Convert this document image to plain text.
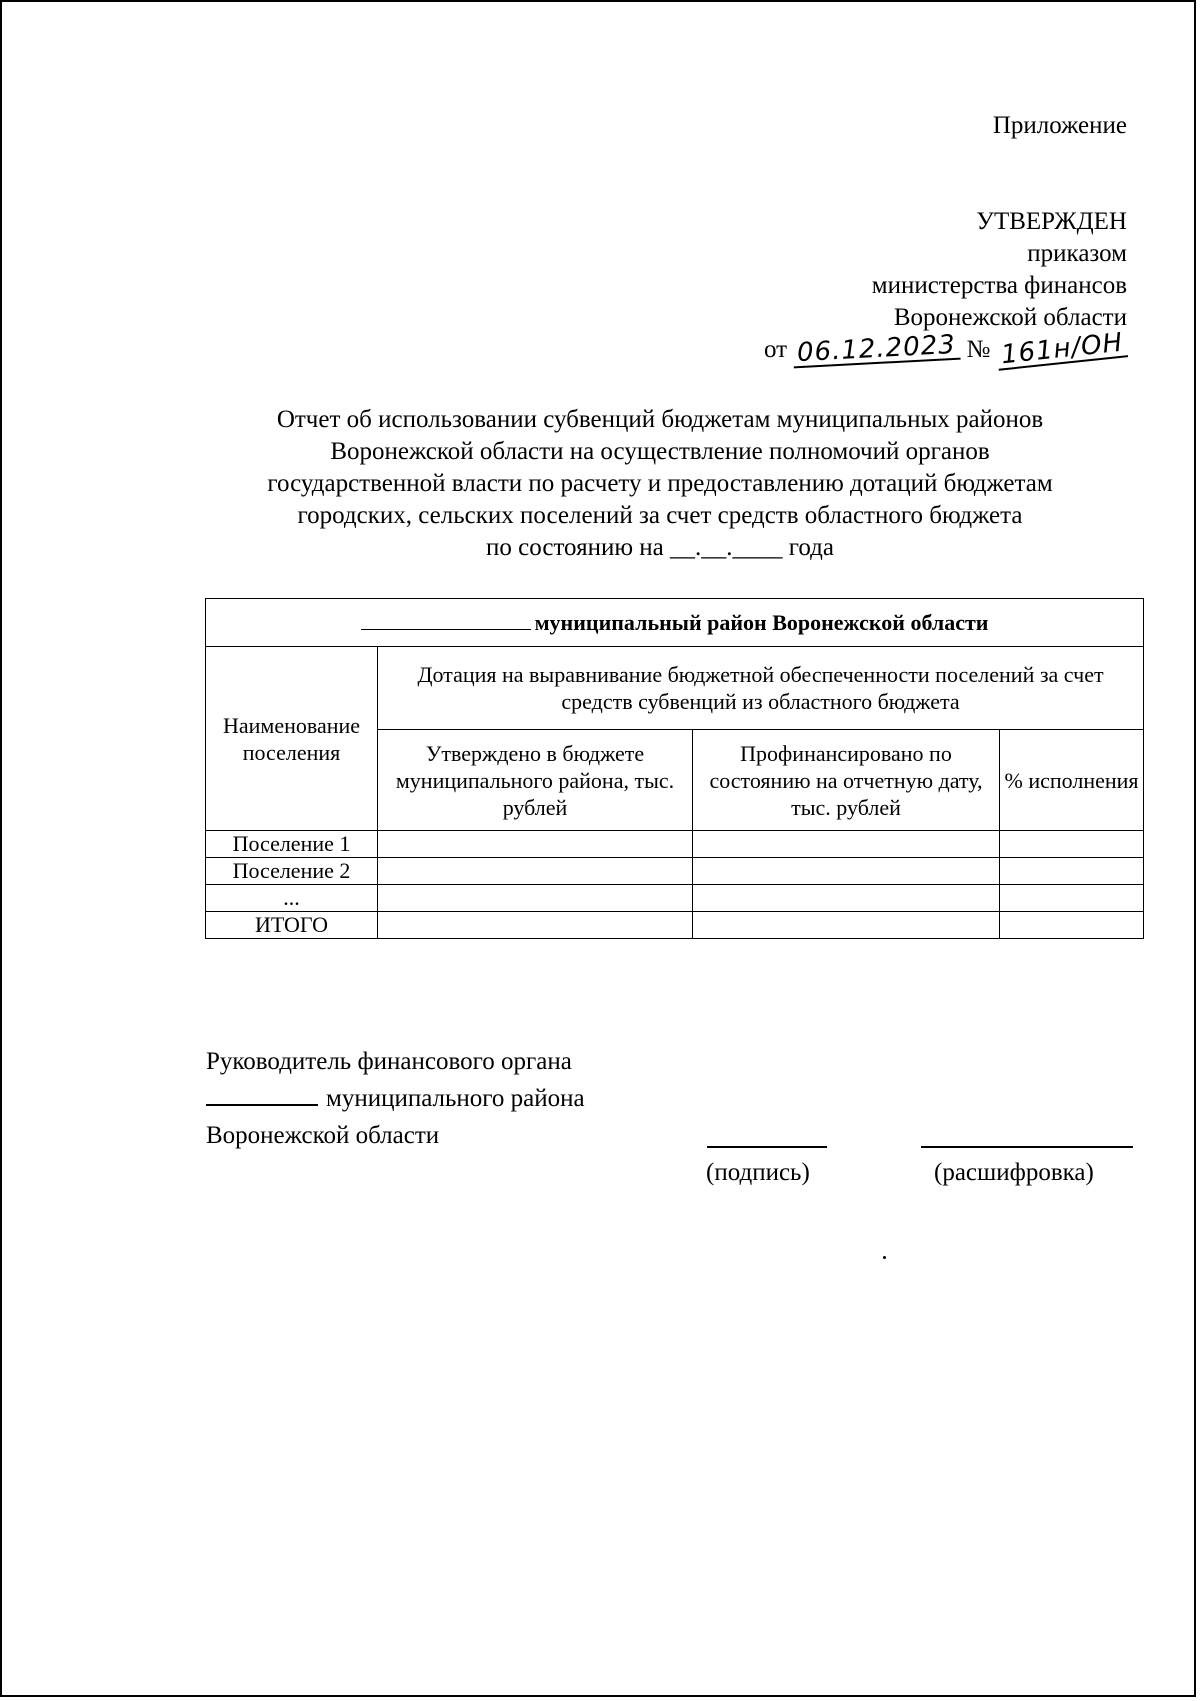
Приложение
УТВЕРЖДЕН
приказом
министерства финансов
Воронежской области
от 06.12.2023 № 161н/ОН
Отчет об использовании субвенций бюджетам муниципальных районов
Воронежской области на осуществление полномочий органов
государственной власти по расчету и предоставлению дотаций бюджетам
городских, сельских поселений за счет средств областного бюджета
по состоянию на __.__.____ года
муниципальный район Воронежской области			
Наименование поселения	Дотация на выравнивание бюджетной обеспеченности поселений за счет средств субвенций из областного бюджета		
	Утверждено в бюджете муниципального района, тыс. рублей	Профинансировано по состоянию на отчетную дату, тыс. рублей	% исполнения
Поселение 1			
Поселение 2			
...			
ИТОГО			
Руководитель финансового органа
муниципального района
Воронежской области
(подпись)	(расшифровка)
